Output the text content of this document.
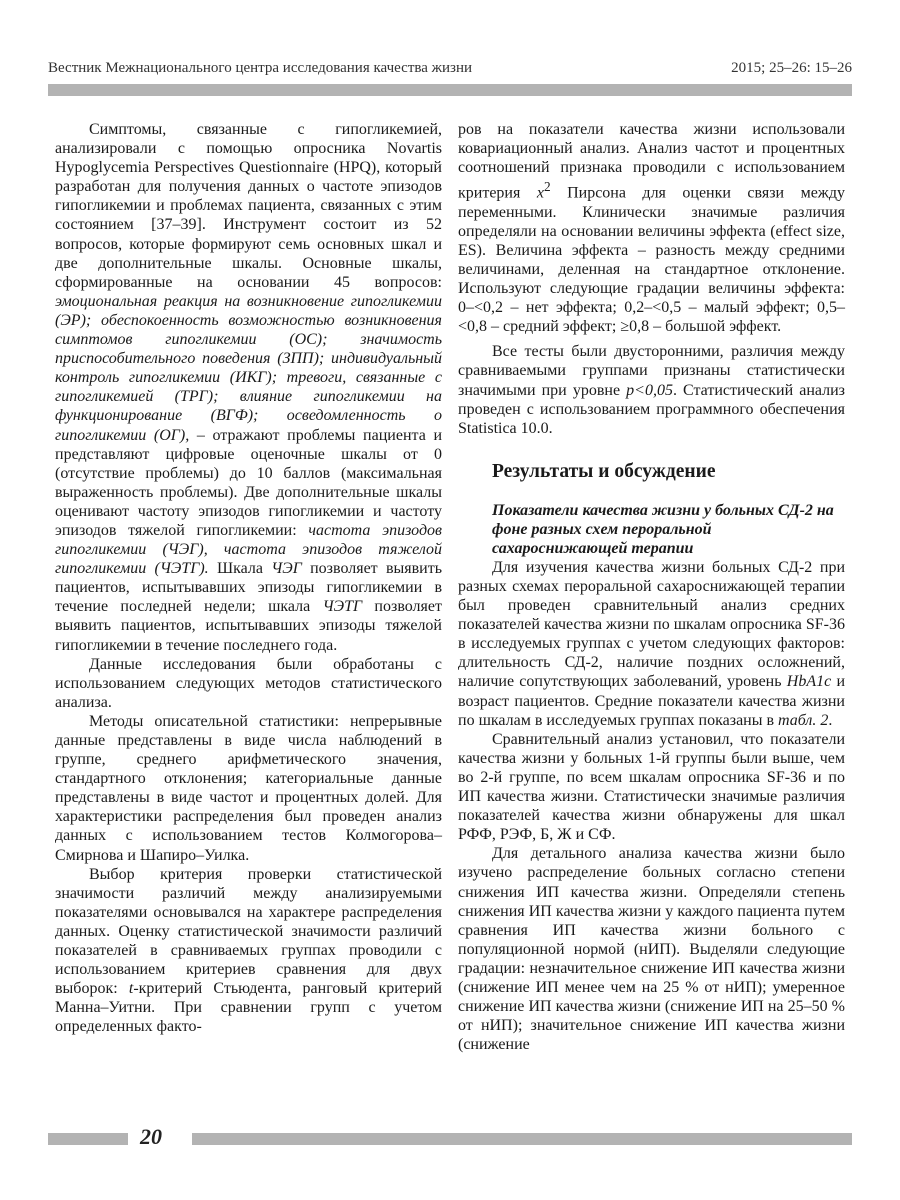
Вестник Межнационального центра исследования качества жизни	2015; 25–26: 15–26

Симптомы, связанные с гипогликемией, анализировали с помощью опросника Novartis Hypoglycemia Perspectives Questionnaire (HPQ), который разработан для получения данных о частоте эпизодов гипогликемии и проблемах пациента, связанных с этим состоянием [37–39]. Инструмент состоит из 52 вопросов, которые формируют семь основных шкал и две дополнительные шкалы. Основные шкалы, сформированные на основании 45 вопросов: эмоциональная реакция на возникновение гипогликемии (ЭР); обеспокоенность возможностью возникновения симптомов гипогликемии (ОС); значимость приспособительного поведения (ЗПП); индивидуальный контроль гипогликемии (ИКГ); тревоги, связанные с гипогликемией (ТРГ); влияние гипогликемии на функционирование (ВГФ); осведомленность о гипогликемии (ОГ), – отражают проблемы пациента и представляют цифровые оценочные шкалы от 0 (отсутствие проблемы) до 10 баллов (максимальная выраженность проблемы). Две дополнительные шкалы оценивают частоту эпизодов гипогликемии и частоту эпизодов тяжелой гипогликемии: частота эпизодов гипогликемии (ЧЭГ), частота эпизодов тяжелой гипогликемии (ЧЭТГ). Шкала ЧЭГ позволяет выявить пациентов, испытывавших эпизоды гипогликемии в течение последней недели; шкала ЧЭТГ позволяет выявить пациентов, испытывавших эпизоды тяжелой гипогликемии в течение последнего года.

Данные исследования были обработаны с использованием следующих методов статистического анализа.

Методы описательной статистики: непрерывные данные представлены в виде числа наблюдений в группе, среднего арифметического значения, стандартного отклонения; категориальные данные представлены в виде частот и процентных долей. Для характеристики распределения был проведен анализ данных с использованием тестов Колмогорова–Смирнова и Шапиро–Уилка.

Выбор критерия проверки статистической значимости различий между анализируемыми показателями основывался на характере распределения данных. Оценку статистической значимости различий показателей в сравниваемых группах проводили с использованием критериев сравнения для двух выборок: t-критерий Стьюдента, ранговый критерий Манна–Уитни. При сравнении групп с учетом определенных факто-

ров на показатели качества жизни использовали ковариационный анализ. Анализ частот и процентных соотношений признака проводили с использованием критерия $x^2$ Пирсона для оценки связи между переменными. Клинически значимые различия определяли на основании величины эффекта (effect size, ES). Величина эффекта – разность между средними величинами, деленная на стандартное отклонение. Используют следующие градации величины эффекта: 0–<0,2 – нет эффекта; 0,2–<0,5 – малый эффект; 0,5–<0,8 – средний эффект; ≥0,8 – большой эффект.

Все тесты были двусторонними, различия между сравниваемыми группами признаны статистически значимыми при уровне p<0,05. Статистический анализ проведен с использованием программного обеспечения Statistica 10.0.

Результаты и обсуждение
Показатели качества жизни у больных СД-2 на фоне разных схем пероральной сахароснижающей терапии

Для изучения качества жизни больных СД-2 при разных схемах пероральной сахароснижающей терапии был проведен сравнительный анализ средних показателей качества жизни по шкалам опросника SF-36 в исследуемых группах с учетом следующих факторов: длительность СД-2, наличие поздних осложнений, наличие сопутствующих заболеваний, уровень HbA1c и возраст пациентов. Средние показатели качества жизни по шкалам в исследуемых группах показаны в табл. 2.

Сравнительный анализ установил, что показатели качества жизни у больных 1-й группы были выше, чем во 2-й группе, по всем шкалам опросника SF-36 и по ИП качества жизни. Статистически значимые различия показателей качества жизни обнаружены для шкал РФФ, РЭФ, Б, Ж и СФ.

Для детального анализа качества жизни было изучено распределение больных согласно степени снижения ИП качества жизни. Определяли степень снижения ИП качества жизни у каждого пациента путем сравнения ИП качества жизни больного с популяционной нормой (нИП). Выделяли следующие градации: незначительное снижение ИП качества жизни (снижение ИП менее чем на 25 % от нИП); умеренное снижение ИП качества жизни (снижение ИП на 25–50 % от нИП); значительное снижение ИП качества жизни (снижение

20
